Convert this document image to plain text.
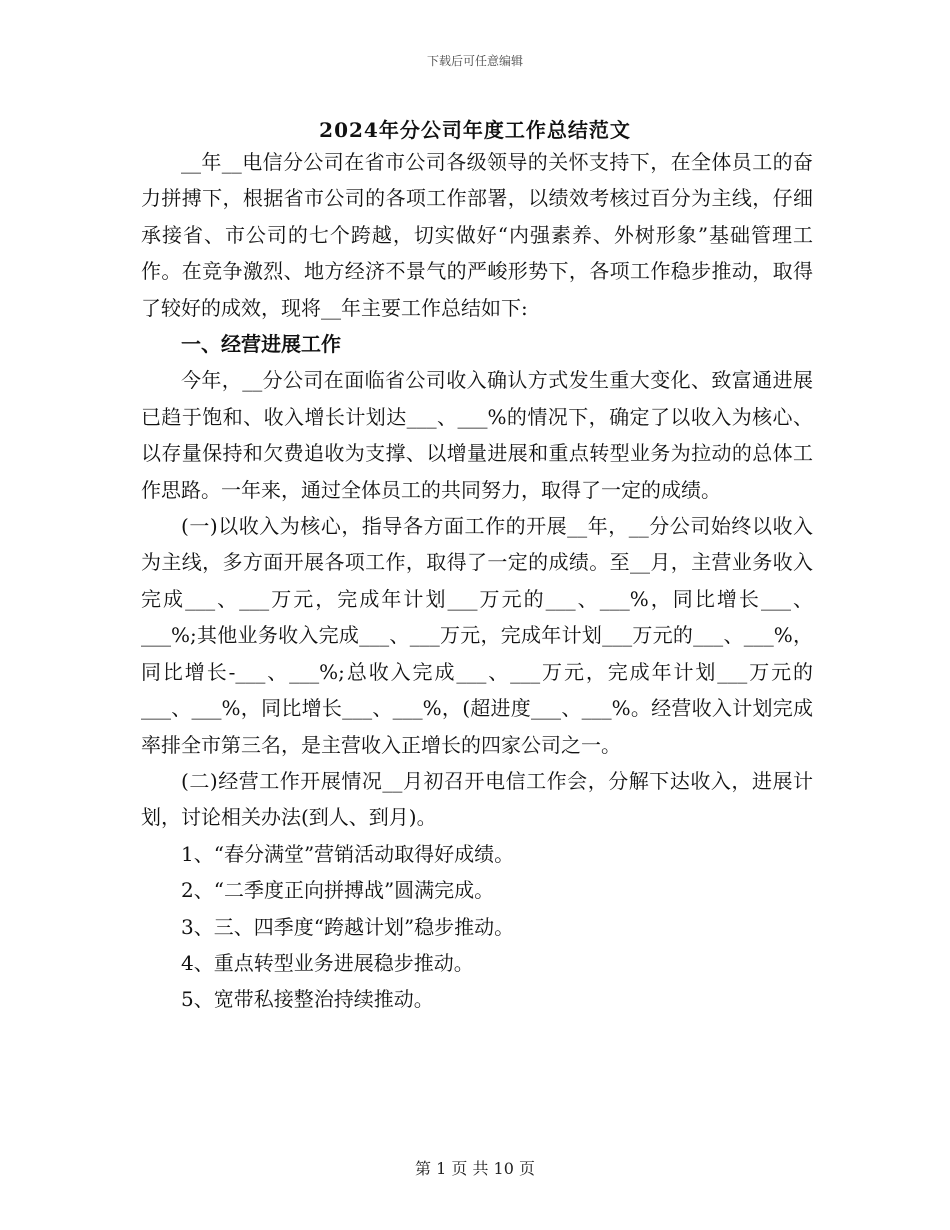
下载后可任意编辑
2024年分公司年度工作总结范文

__年__电信分公司在省市公司各级领导的关怀支持下，在全体员工的奋力拼搏下，根据省市公司的各项工作部署，以绩效考核过百分为主线，仔细承接省、市公司的七个跨越，切实做好“内强素养、外树形象”基础管理工作。在竞争激烈、地方经济不景气的严峻形势下，各项工作稳步推动，取得了较好的成效，现将__年主要工作总结如下:

一、经营进展工作

今年，__分公司在面临省公司收入确认方式发生重大变化、致富通进展已趋于饱和、收入增长计划达___、___%的情况下，确定了以收入为核心、以存量保持和欠费追收为支撑、以增量进展和重点转型业务为拉动的总体工作思路。一年来，通过全体员工的共同努力，取得了一定的成绩。

(一)以收入为核心，指导各方面工作的开展__年，__分公司始终以收入为主线，多方面开展各项工作，取得了一定的成绩。至__月，主营业务收入完成___、___万元，完成年计划___万元的___、___%，同比增长___、___%;其他业务收入完成___、___万元，完成年计划___万元的___、___%，同比增长-___、___%;总收入完成___、___万元，完成年计划___万元的___、___%，同比增长___、___%，(超进度___、___%。经营收入计划完成率排全市第三名，是主营收入正增长的四家公司之一。

(二)经营工作开展情况__月初召开电信工作会，分解下达收入，进展计划，讨论相关办法(到人、到月)。

1、“春分满堂”营销活动取得好成绩。

2、“二季度正向拼搏战”圆满完成。

3、三、四季度“跨越计划”稳步推动。

4、重点转型业务进展稳步推动。

5、宽带私接整治持续推动。

第 1 页 共 10 页
